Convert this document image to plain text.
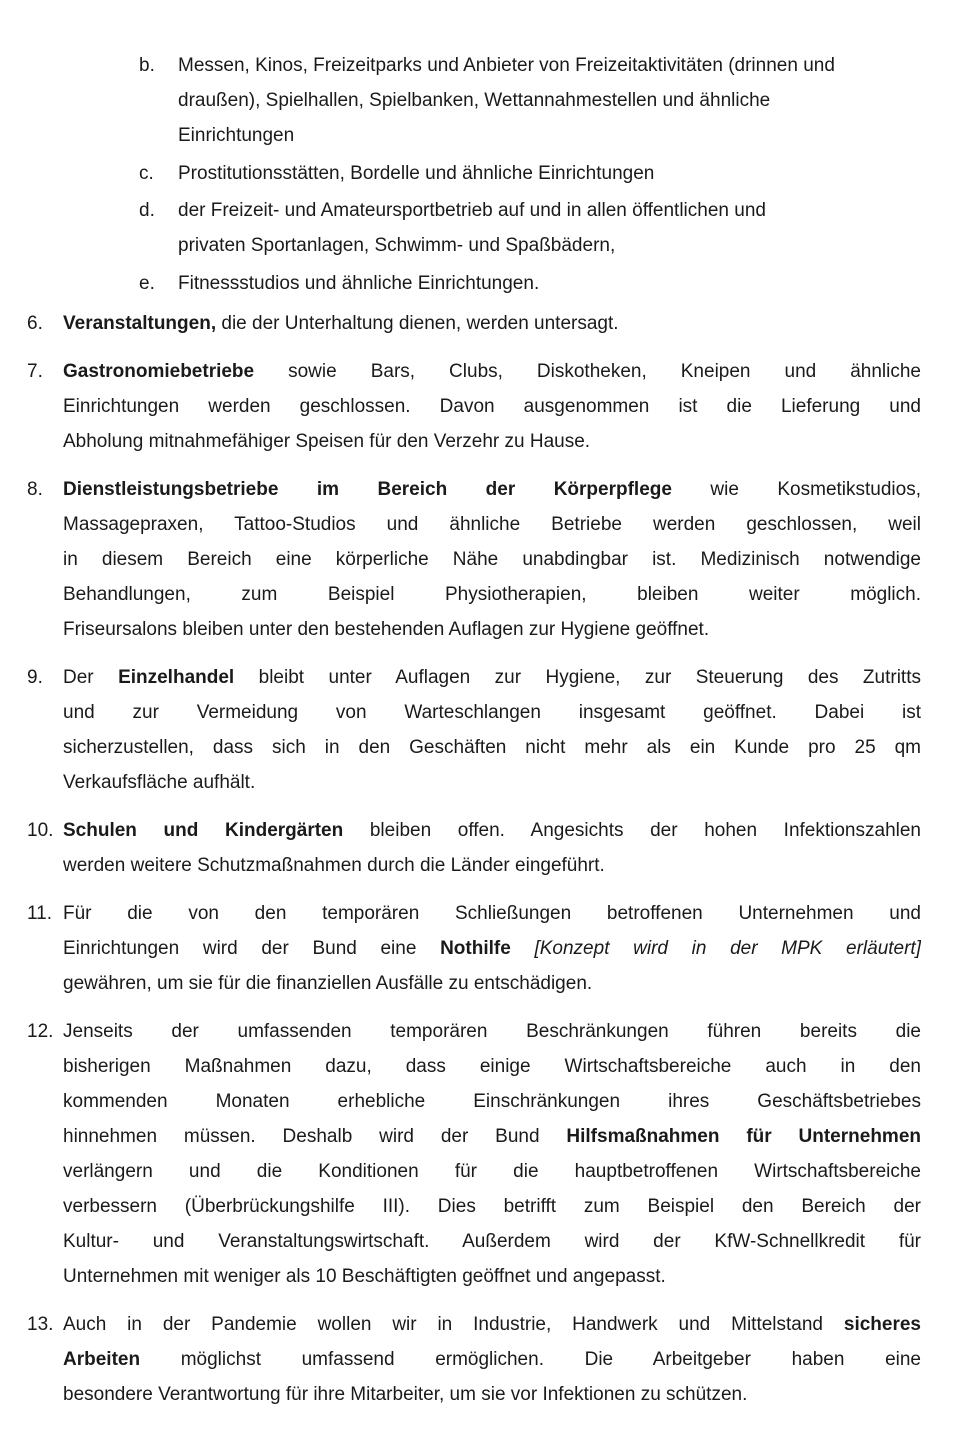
b. Messen, Kinos, Freizeitparks und Anbieter von Freizeitaktivitäten (drinnen und
draußen), Spielhallen, Spielbanken, Wettannahmestellen und ähnliche
Einrichtungen
c. Prostitutionsstätten, Bordelle und ähnliche Einrichtungen
d. der Freizeit- und Amateursportbetrieb auf und in allen öffentlichen und
privaten Sportanlagen, Schwimm- und Spaßbädern,
e. Fitnessstudios und ähnliche Einrichtungen.
6. Veranstaltungen, die der Unterhaltung dienen, werden untersagt.
7. Gastronomiebetriebe sowie Bars, Clubs, Diskotheken, Kneipen und ähnliche
Einrichtungen werden geschlossen. Davon ausgenommen ist die Lieferung und
Abholung mitnahmefähiger Speisen für den Verzehr zu Hause.
8. Dienstleistungsbetriebe im Bereich der Körperpflege wie Kosmetikstudios,
Massagepraxen, Tattoo-Studios und ähnliche Betriebe werden geschlossen, weil
in diesem Bereich eine körperliche Nähe unabdingbar ist. Medizinisch notwendige
Behandlungen, zum Beispiel Physiotherapien, bleiben weiter möglich.
Friseursalons bleiben unter den bestehenden Auflagen zur Hygiene geöffnet.
9. Der Einzelhandel bleibt unter Auflagen zur Hygiene, zur Steuerung des Zutritts
und zur Vermeidung von Warteschlangen insgesamt geöffnet. Dabei ist
sicherzustellen, dass sich in den Geschäften nicht mehr als ein Kunde pro 25 qm
Verkaufsfläche aufhält.
10. Schulen und Kindergärten bleiben offen. Angesichts der hohen Infektionszahlen
werden weitere Schutzmaßnahmen durch die Länder eingeführt.
11. Für die von den temporären Schließungen betroffenen Unternehmen und
Einrichtungen wird der Bund eine Nothilfe [Konzept wird in der MPK erläutert]
gewähren, um sie für die finanziellen Ausfälle zu entschädigen.
12. Jenseits der umfassenden temporären Beschränkungen führen bereits die
bisherigen Maßnahmen dazu, dass einige Wirtschaftsbereiche auch in den
kommenden Monaten erhebliche Einschränkungen ihres Geschäftsbetriebes
hinnehmen müssen. Deshalb wird der Bund Hilfsmaßnahmen für Unternehmen
verlängern und die Konditionen für die hauptbetroffenen Wirtschaftsbereiche
verbessern (Überbrückungshilfe III). Dies betrifft zum Beispiel den Bereich der
Kultur- und Veranstaltungswirtschaft. Außerdem wird der KfW-Schnellkredit für
Unternehmen mit weniger als 10 Beschäftigten geöffnet und angepasst.
13. Auch in der Pandemie wollen wir in Industrie, Handwerk und Mittelstand sicheres
Arbeiten möglichst umfassend ermöglichen. Die Arbeitgeber haben eine
besondere Verantwortung für ihre Mitarbeiter, um sie vor Infektionen zu schützen.
